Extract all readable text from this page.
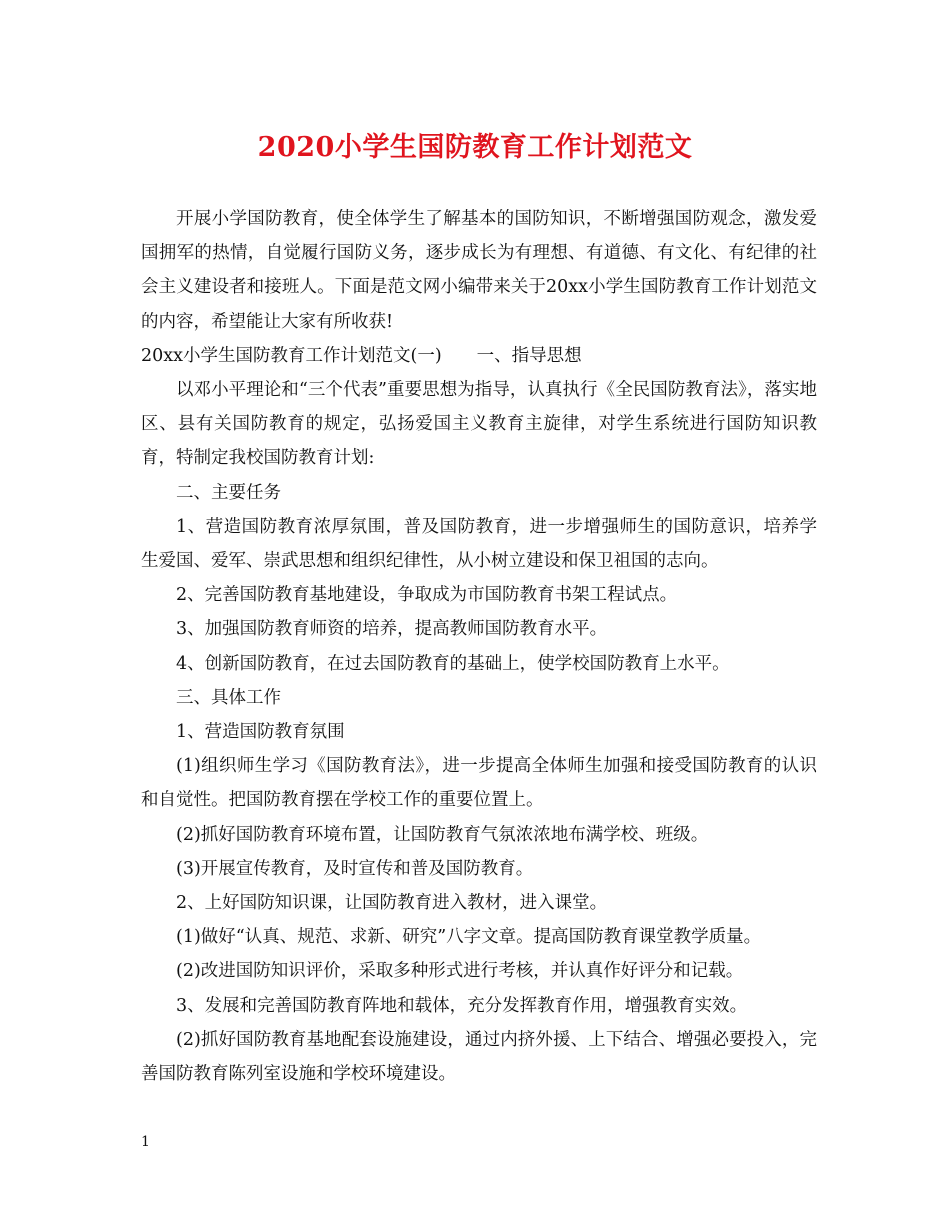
2020小学生国防教育工作计划范文

开展小学国防教育，使全体学生了解基本的国防知识，不断增强国防观念，激发爱国拥军的热情，自觉履行国防义务，逐步成长为有理想、有道德、有文化、有纪律的社会主义建设者和接班人。下面是范文网小编带来关于20xx小学生国防教育工作计划范文的内容，希望能让大家有所收获!

20xx小学生国防教育工作计划范文(一)　　一、指导思想

以邓小平理论和“三个代表”重要思想为指导，认真执行《全民国防教育法》，落实地区、县有关国防教育的规定，弘扬爱国主义教育主旋律，对学生系统进行国防知识教育，特制定我校国防教育计划:

二、主要任务

1、营造国防教育浓厚氛围，普及国防教育，进一步增强师生的国防意识，培养学生爱国、爱军、崇武思想和组织纪律性，从小树立建设和保卫祖国的志向。

2、完善国防教育基地建设，争取成为市国防教育书架工程试点。

3、加强国防教育师资的培养，提高教师国防教育水平。

4、创新国防教育，在过去国防教育的基础上，使学校国防教育上水平。

三、具体工作

1、营造国防教育氛围

(1)组织师生学习《国防教育法》，进一步提高全体师生加强和接受国防教育的认识和自觉性。把国防教育摆在学校工作的重要位置上。

(2)抓好国防教育环境布置，让国防教育气氛浓浓地布满学校、班级。

(3)开展宣传教育，及时宣传和普及国防教育。

2、上好国防知识课，让国防教育进入教材，进入课堂。

(1)做好“认真、规范、求新、研究”八字文章。提高国防教育课堂教学质量。

(2)改进国防知识评价，采取多种形式进行考核，并认真作好评分和记载。

3、发展和完善国防教育阵地和载体，充分发挥教育作用，增强教育实效。

(2)抓好国防教育基地配套设施建设，通过内挤外援、上下结合、增强必要投入，完善国防教育陈列室设施和学校环境建设。

1
